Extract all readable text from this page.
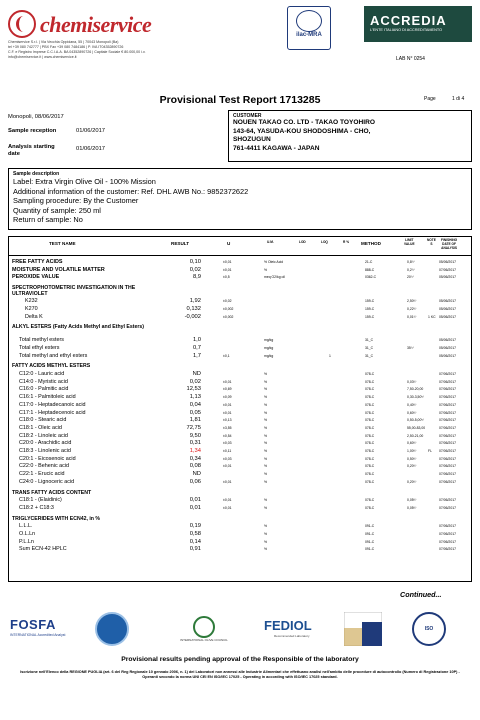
chemiservice
Chemiservice S.r.l. | Via Vecchia Oppidana, 55 | 70043 Monopoli (Ba)
tel +39 080 742777 | PBX Fax +39 080 7484186 | P. IVA IT04352890726
C.F. e Registro Imprese C.C.I.A.A. BA 04352890726 | Capitale Sociale € 80.000,00 i.v.
info@chemiservice.it | www.chemiservice.it
ilac-MRA
ACCREDIA
L'ENTE ITALIANO DI ACCREDITAMENTO
LAB N° 0254
Provisional Test Report 1713285	Page	1 di 4
Monopoli, 08/06/2017
Sample reception	01/06/2017
Analysis starting
date
01/06/2017
CUSTOMER
NOUEN TAKAO CO. LTD - TAKAO TOYOHIRO
143-64, YASUDA-KOU SHODOSHIMA - CHO,
SHOZUGUN
761-4411 KAGAWA - JAPAN
Sample description
Label: Extra Virgin Olive Oil - 100% Mission
Additional information of the customer: Ref. DHL AWB No.: 9852372622
Sampling procedure: By the Customer
Quantity of sample: 250 ml
Return of sample: No
TEST NAME	RESULT	U	U.M.	LOD	LOQ	R %	METHOD
LIMIT
VALUE
NOTE
S
FINISHING
DATE OF
ANALYSIS
FREE FATTY ACIDS	0,10	±0,01	% Oleic Acid	21-C	0,8⁽¹⁾	05/06/2017
MOISTURE AND VOLATILE MATTER	0,02	±0,01	%	888-C	0,2⁽¹⁾	07/06/2017
PEROXIDE VALUE	8,9	±0,5	meq O2/kg oil	0362-C	20⁽¹⁾	05/06/2017
SPECTROPHOTOMETRIC INVESTIGATION IN THE ULTRAVIOLET
K232	1,92	±0,02	159-C	2,50⁽¹⁾	05/06/2017
K270	0,132	±0,002	159-C	0,22⁽¹⁾	05/06/2017
Delta K	-0,002	±0,002	159-C	0,01⁽¹⁾	1 KC 05/06/2017
ALKYL ESTERS (Fatty Acids Methyl and Ethyl Esters)
Total methyl esters	1,0	mg/kg	31_C	05/06/2017
Total ethyl esters	0,7	mg/kg	31_C	35⁽¹⁾	05/06/2017
Total methyl and ethyl esters	1,7	±0,1	mg/kg	1	31_C	05/06/2017
FATTY ACIDS METHYL ESTERS
C12:0 - Lauric acid	ND	%	078-C	07/06/2017
C14:0 - Myristic acid	0,02	±0,01	%	078-C	0,03⁽¹⁾	07/06/2017
C16:0 - Palmitic acid	12,53	±0,69	%	078-C	7,50-20,00	07/06/2017
C16:1 - Palmitoleic acid	1,13	±0,09	%	078-C	0,30-3,50⁽¹⁾	07/06/2017
C17:0 - Heptadecanoic acid	0,04	±0,01	%	078-C	0,40⁽¹⁾	07/06/2017
C17:1 - Heptadecenoic acid	0,05	±0,01	%	078-C	0,60⁽¹⁾	07/06/2017
C18:0 - Stearic acid	1,81	±0,13	%	078-C	0,50-5,00⁽¹⁾	07/06/2017
C18:1 - Oleic acid	72,75	±3,55	%	078-C	55,00-83,00	07/06/2017
C18:2 - Linoleic acid	9,50	±0,54	%	078-C	2,50-21,00	07/06/2017
C20:0 - Arachidic acid	0,31	±0,03	%	078-C	0,60⁽¹⁾	07/06/2017
C18:3 - Linolenic acid	1,34	±0,11	%	078-C	1,00⁽¹⁾	FL 07/06/2017
C20:1 - Eicosenoic acid	0,34	±0,03	%	078-C	0,50⁽¹⁾	07/06/2017
C22:0 - Behenic acid	0,08	±0,01	%	078-C	0,20⁽¹⁾	07/06/2017
C22:1 - Erucic acid	ND	%	078-C	07/06/2017
C24:0 - Lignoceric acid	0,06	±0,01	%	078-C	0,20⁽¹⁾	07/06/2017
TRANS FATTY ACIDS CONTENT
C18:1 - (Elaidinic)	0,01	±0,01	%	078-C	0,05⁽¹⁾	07/06/2017
C18:2 + C18:3	0,01	±0,01	%	078-C	0,05⁽¹⁾	07/06/2017
TRIGLYCERIDES WITH ECN42, in %
L.L.L.	0,19	%	091-C	07/06/2017
O.L.Ln	0,58	%	091-C	07/06/2017
P.L.Ln	0,14	%	091-C	07/06/2017
Sum ECN-42 HPLC	0,91	%	091-C	07/06/2017
Continued...
FOSFA
INTERNATIONAL Accredited Analyst
INTERNATIONAL OLIVE COUNCIL
FEDIOL
Recommended Laboratory
ISO
Provisional results pending approval of the Responsible of the laboratory
Iscrizione nell'Elenco della REGIONE PUGLIA (art. 6 del Reg Regionale 10 gennaio 2006, n. 1) dei Laboratori non annessi alle Industrie Alimentari che effettuano analisi nell'ambito delle procedure di autocontrollo (Numero di Registrazione 10P) - Operanti secondo la norma UNI CEI EN ISO/IEC 17025 - Operating in according with ISO/IEC 17025 standard.
